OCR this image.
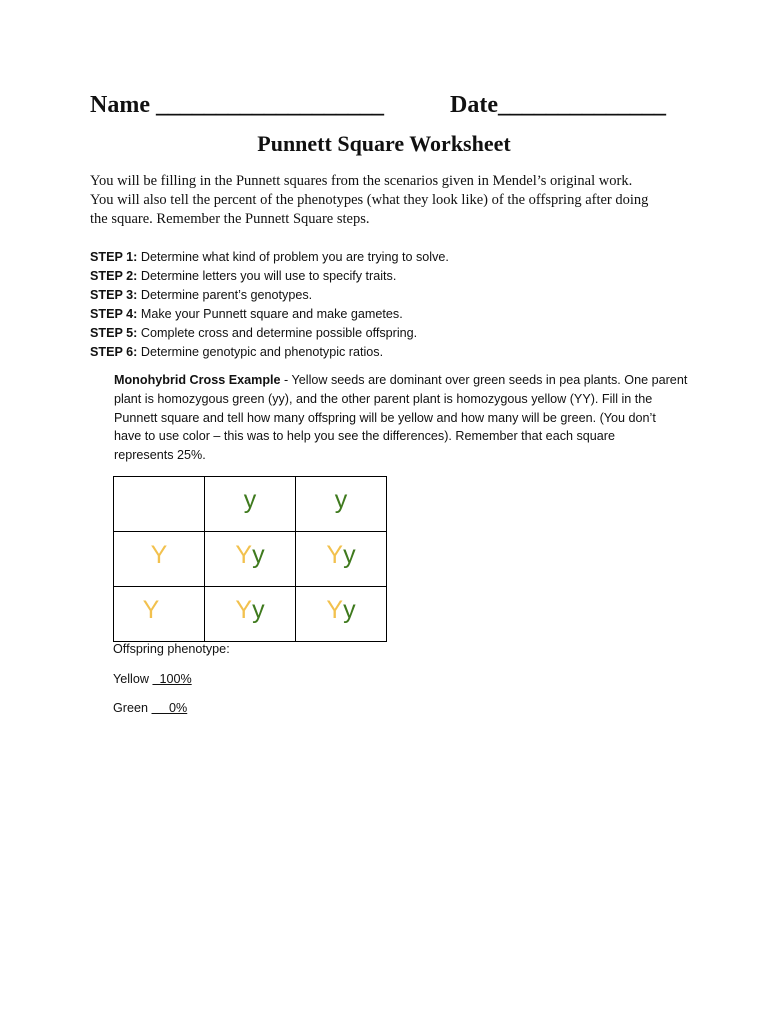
Name ___________________	Date______________
Punnett Square Worksheet
You will be filling in the Punnett squares from the scenarios given in Mendel’s original work.
You will also tell the percent of the phenotypes (what they look like) of the offspring after doing
the square. Remember the Punnett Square steps.
STEP 1: Determine what kind of problem you are trying to solve.
STEP 2: Determine letters you will use to specify traits.
STEP 3: Determine parent’s genotypes.
STEP 4: Make your Punnett square and make gametes.
STEP 5: Complete cross and determine possible offspring.
STEP 6: Determine genotypic and phenotypic ratios.
Monohybrid Cross Example - Yellow seeds are dominant over green seeds in pea plants. One parent
plant is homozygous green (yy), and the other parent plant is homozygous yellow (YY). Fill in the
Punnett square and tell how many offspring will be yellow and how many will be green. (You don’t
have to use color – this was to help you see the differences). Remember that each square
represents 25%.
	y	y
Y	Yy	Yy
Y	Yy	Yy
Offspring phenotype:
Yellow   100%
Green      0%
